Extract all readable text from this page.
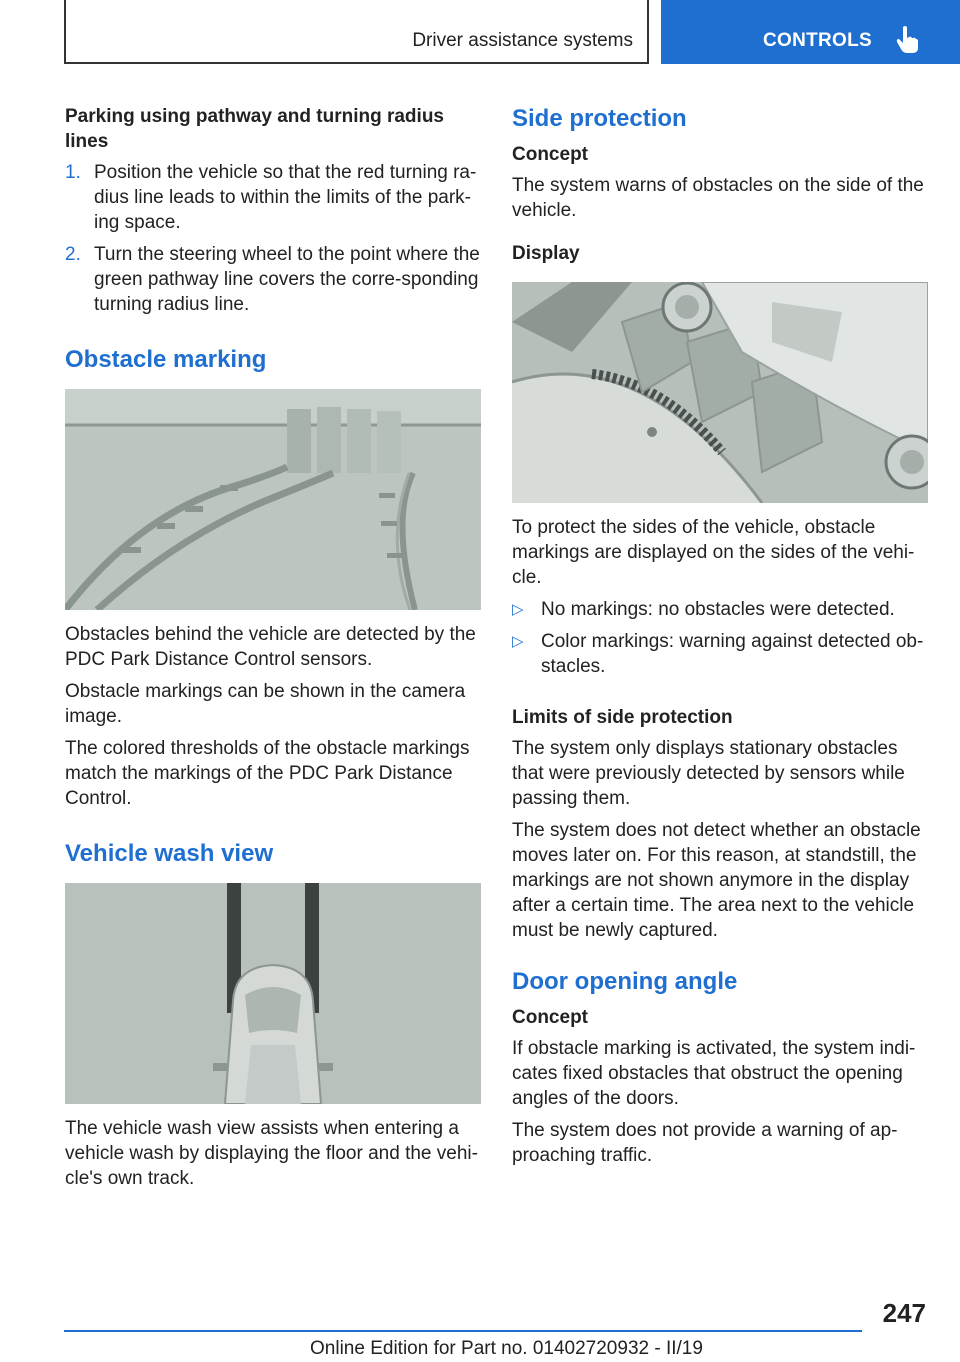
Driver assistance systems	CONTROLS
Parking using pathway and turning radius lines
1. Position the vehicle so that the red turning ra‐dius line leads to within the limits of the park‐ing space.
2. Turn the steering wheel to the point where the green pathway line covers the corre‐sponding turning radius line.
Obstacle marking

Obstacles behind the vehicle are detected by the PDC Park Distance Control sensors.

Obstacle markings can be shown in the camera image.

The colored thresholds of the obstacle markings match the markings of the PDC Park Distance Control.

Vehicle wash view

The vehicle wash view assists when entering a vehicle wash by displaying the floor and the vehi‐cle's own track.

Side protection
Concept

The system warns of obstacles on the side of the vehicle.

Display

To protect the sides of the vehicle, obstacle markings are displayed on the sides of the vehi‐cle.

▷ No markings: no obstacles were detected.
▷ Color markings: warning against detected ob‐stacles.
Limits of side protection

The system only displays stationary obstacles that were previously detected by sensors while passing them.

The system does not detect whether an obstacle moves later on. For this reason, at standstill, the markings are not shown anymore in the display after a certain time. The area next to the vehicle must be newly captured.

Door opening angle
Concept

If obstacle marking is activated, the system indi‐cates fixed obstacles that obstruct the opening angles of the doors.

The system does not provide a warning of ap‐proaching traffic.

247
Online Edition for Part no. 01402720932 - II/19
